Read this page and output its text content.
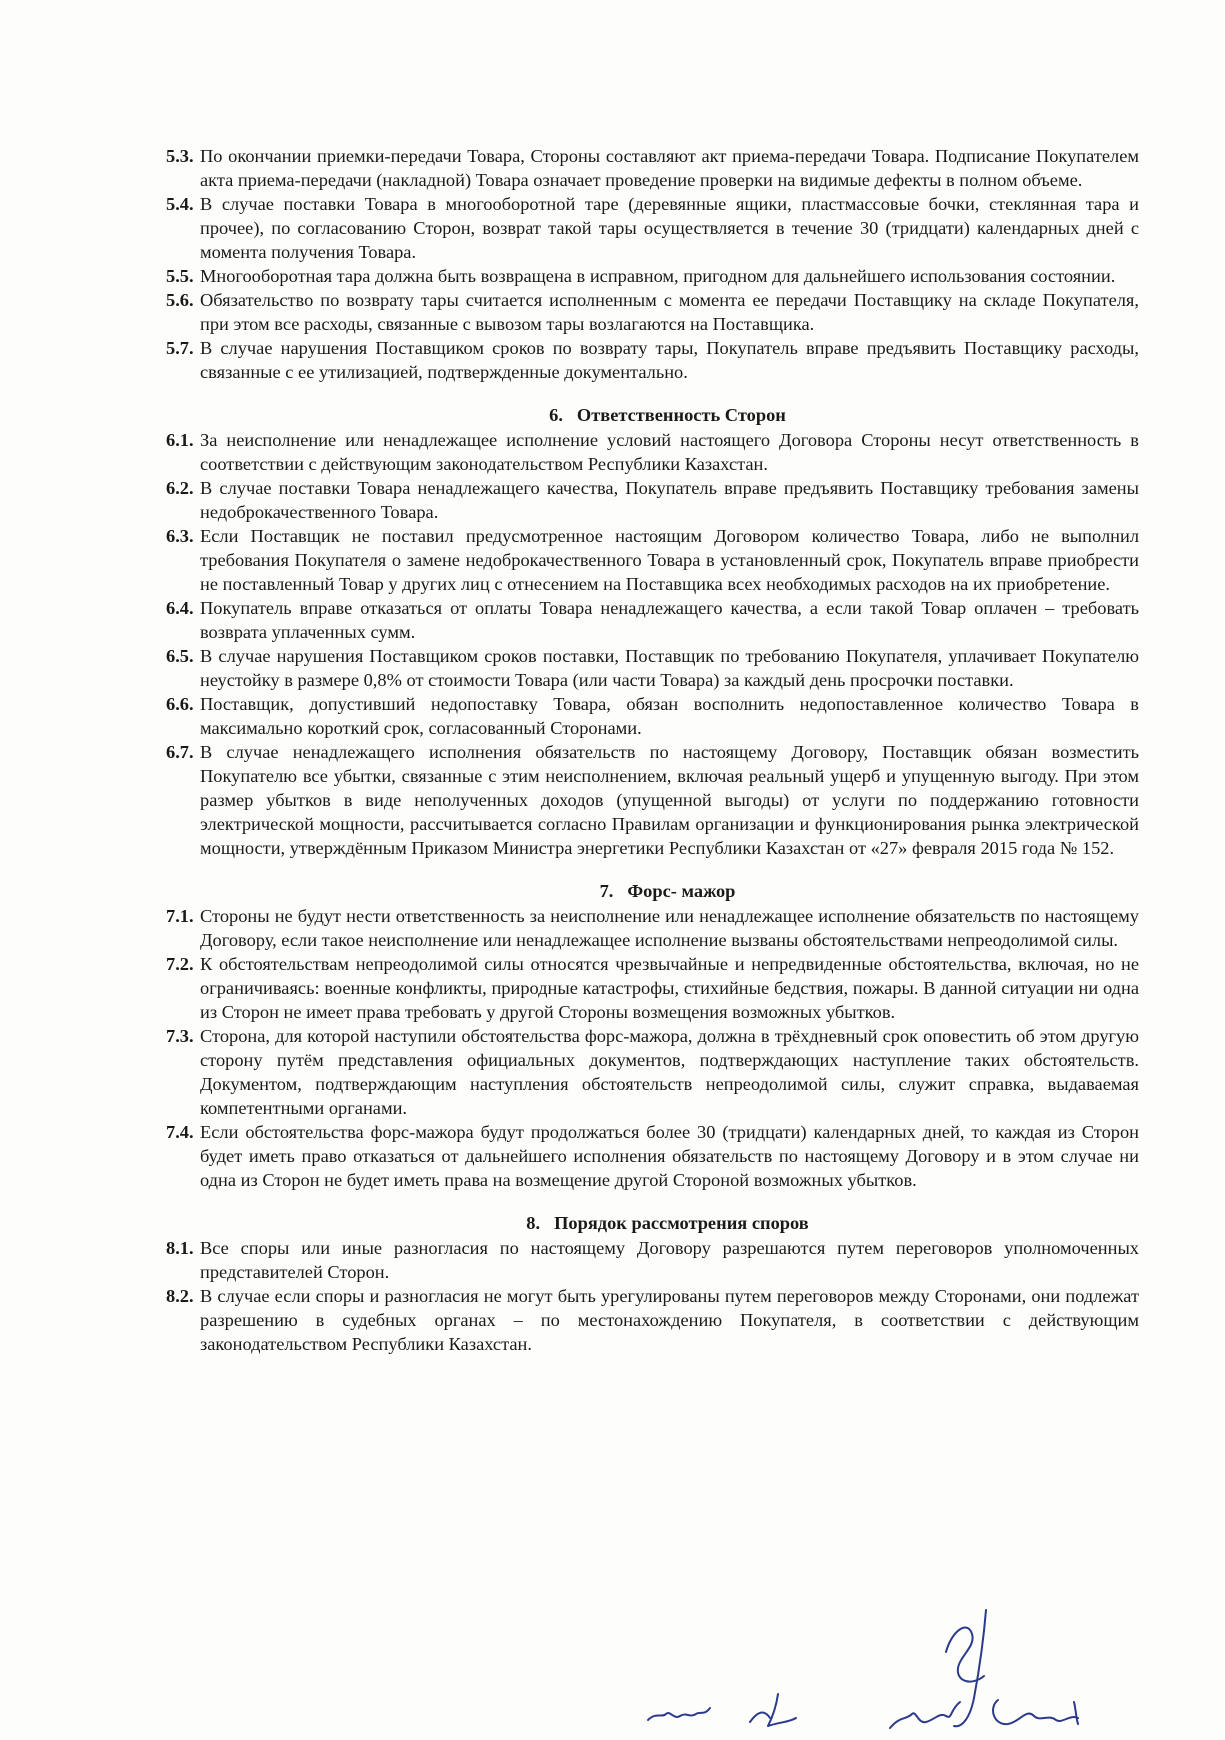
5.3. По окончании приемки-передачи Товара, Стороны составляют акт приема-передачи Товара. Подписание Покупателем акта приема-передачи (накладной) Товара означает проведение проверки на видимые дефекты в полном объеме.
5.4. В случае поставки Товара в многооборотной таре (деревянные ящики, пластмассовые бочки, стеклянная тара и прочее), по согласованию Сторон, возврат такой тары осуществляется в течение 30 (тридцати) календарных дней с момента получения Товара.
5.5. Многооборотная тара должна быть возвращена в исправном, пригодном для дальнейшего использования состоянии.
5.6. Обязательство по возврату тары считается исполненным с момента ее передачи Поставщику на складе Покупателя, при этом все расходы, связанные с вывозом тары возлагаются на Поставщика.
5.7. В случае нарушения Поставщиком сроков по возврату тары, Покупатель вправе предъявить Поставщику расходы, связанные с ее утилизацией, подтвержденные документально.
6. Ответственность Сторон
6.1. За неисполнение или ненадлежащее исполнение условий настоящего Договора Стороны несут ответственность в соответствии с действующим законодательством Республики Казахстан.
6.2. В случае поставки Товара ненадлежащего качества, Покупатель вправе предъявить Поставщику требования замены недоброкачественного Товара.
6.3. Если Поставщик не поставил предусмотренное настоящим Договором количество Товара, либо не выполнил требования Покупателя о замене недоброкачественного Товара в установленный срок, Покупатель вправе приобрести не поставленный Товар у других лиц с отнесением на Поставщика всех необходимых расходов на их приобретение.
6.4. Покупатель вправе отказаться от оплаты Товара ненадлежащего качества, а если такой Товар оплачен – требовать возврата уплаченных сумм.
6.5. В случае нарушения Поставщиком сроков поставки, Поставщик по требованию Покупателя, уплачивает Покупателю неустойку в размере 0,8% от стоимости Товара (или части Товара) за каждый день просрочки поставки.
6.6. Поставщик, допустивший недопоставку Товара, обязан восполнить недопоставленное количество Товара в максимально короткий срок, согласованный Сторонами.
6.7. В случае ненадлежащего исполнения обязательств по настоящему Договору, Поставщик обязан возместить Покупателю все убытки, связанные с этим неисполнением, включая реальный ущерб и упущенную выгоду. При этом размер убытков в виде неполученных доходов (упущенной выгоды) от услуги по поддержанию готовности электрической мощности, рассчитывается согласно Правилам организации и функционирования рынка электрической мощности, утверждённым Приказом Министра энергетики Республики Казахстан от «27» февраля 2015 года № 152.
7. Форс- мажор
7.1. Стороны не будут нести ответственность за неисполнение или ненадлежащее исполнение обязательств по настоящему Договору, если такое неисполнение или ненадлежащее исполнение вызваны обстоятельствами непреодолимой силы.
7.2. К обстоятельствам непреодолимой силы относятся чрезвычайные и непредвиденные обстоятельства, включая, но не ограничиваясь: военные конфликты, природные катастрофы, стихийные бедствия, пожары. В данной ситуации ни одна из Сторон не имеет права требовать у другой Стороны возмещения возможных убытков.
7.3. Сторона, для которой наступили обстоятельства форс-мажора, должна в трёхдневный срок оповестить об этом другую сторону путём представления официальных документов, подтверждающих наступление таких обстоятельств. Документом, подтверждающим наступления обстоятельств непреодолимой силы, служит справка, выдаваемая компетентными органами.
7.4. Если обстоятельства форс-мажора будут продолжаться более 30 (тридцати) календарных дней, то каждая из Сторон будет иметь право отказаться от дальнейшего исполнения обязательств по настоящему Договору и в этом случае ни одна из Сторон не будет иметь права на возмещение другой Стороной возможных убытков.
8. Порядок рассмотрения споров
8.1. Все споры или иные разногласия по настоящему Договору разрешаются путем переговоров уполномоченных представителей Сторон.
8.2. В случае если споры и разногласия не могут быть урегулированы путем переговоров между Сторонами, они подлежат разрешению в судебных органах – по местонахождению Покупателя, в соответствии с действующим законодательством Республики Казахстан.
